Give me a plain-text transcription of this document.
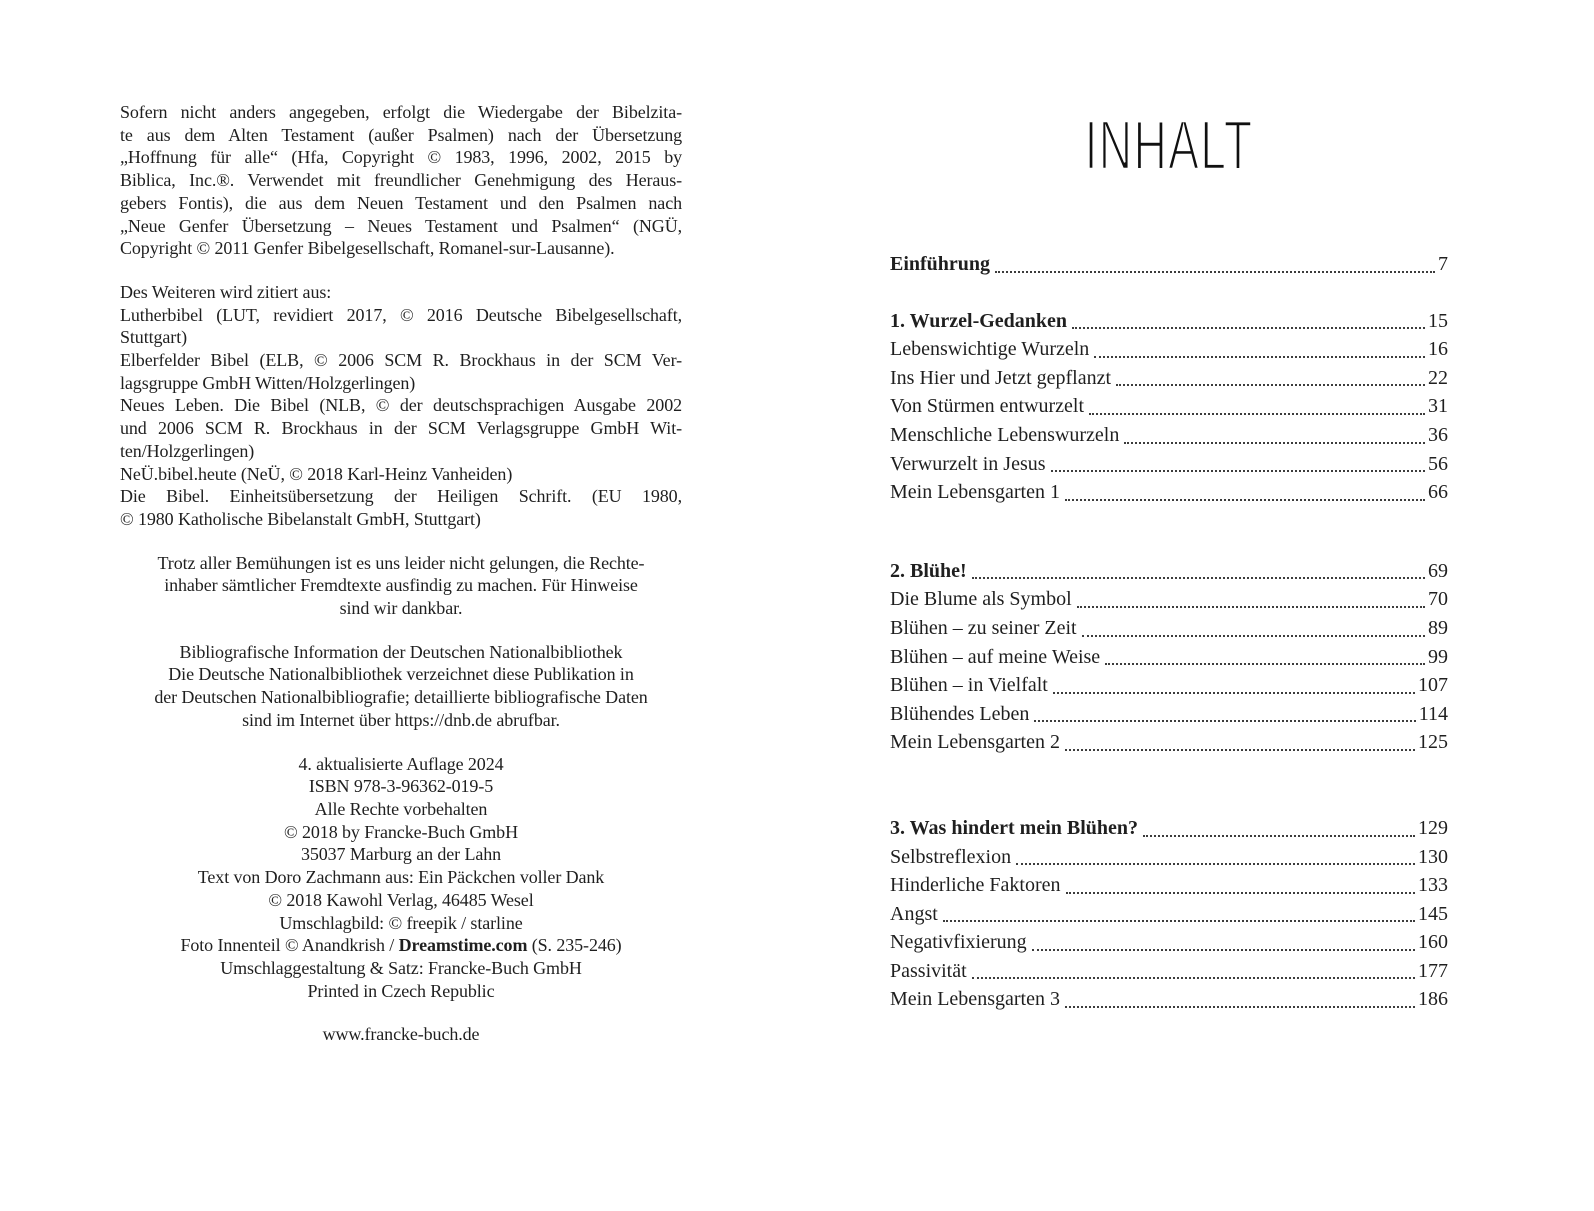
Sofern nicht anders angegeben, erfolgt die Wiedergabe der Bibelzita-
te aus dem Alten Testament (außer Psalmen) nach der Übersetzung
„Hoffnung für alle“ (Hfa, Copyright © 1983, 1996, 2002, 2015 by
Biblica, Inc.®. Verwendet mit freundlicher Genehmigung des Heraus-
gebers Fontis), die aus dem Neuen Testament und den Psalmen nach
„Neue Genfer Übersetzung – Neues Testament und Psalmen“ (NGÜ,
Copyright © 2011 Genfer Bibelgesellschaft, Romanel-sur-Lausanne).
Des Weiteren wird zitiert aus:
Lutherbibel (LUT, revidiert 2017, © 2016 Deutsche Bibelgesellschaft,
Stuttgart)
Elberfelder Bibel (ELB, © 2006 SCM R. Brockhaus in der SCM Ver-
lagsgruppe GmbH Witten/Holzgerlingen)
Neues Leben. Die Bibel (NLB, © der deutschsprachigen Ausgabe 2002
und 2006 SCM R. Brockhaus in der SCM Verlagsgruppe GmbH Wit-
ten/Holzgerlingen)
NeÜ.bibel.heute (NeÜ, © 2018 Karl-Heinz Vanheiden)
Die Bibel. Einheitsübersetzung der Heiligen Schrift. (EU 1980,
© 1980 Katholische Bibelanstalt GmbH, Stuttgart)
Trotz aller Bemühungen ist es uns leider nicht gelungen, die Rechte-
inhaber sämtlicher Fremdtexte ausfindig zu machen. Für Hinweise
sind wir dankbar.
Bibliografische Information der Deutschen Nationalbibliothek
Die Deutsche Nationalbibliothek verzeichnet diese Publikation in
der Deutschen Nationalbibliografie; detaillierte bibliografische Daten
sind im Internet über https://dnb.de abrufbar.
4. aktualisierte Auflage 2024
ISBN 978-3-96362-019-5
Alle Rechte vorbehalten
© 2018 by Francke-Buch GmbH
35037 Marburg an der Lahn
Text von Doro Zachmann aus: Ein Päckchen voller Dank
© 2018 Kawohl Verlag, 46485 Wesel
Umschlagbild: © freepik / starline
Foto Innenteil © Anandkrish / Dreamstime.com (S. 235-246)
Umschlaggestaltung & Satz: Francke-Buch GmbH
Printed in Czech Republic
www.francke-buch.de
INHALT
Einführung	7
1. Wurzel-Gedanken	15
Lebenswichtige Wurzeln	16
Ins Hier und Jetzt gepflanzt	22
Von Stürmen entwurzelt	31
Menschliche Lebenswurzeln	36
Verwurzelt in Jesus	56
Mein Lebensgarten 1	66
2. Blühe!	69
Die Blume als Symbol	70
Blühen – zu seiner Zeit	89
Blühen – auf meine Weise	99
Blühen – in Vielfalt	107
Blühendes Leben	114
Mein Lebensgarten 2	125
3. Was hindert mein Blühen?	129
Selbstreflexion	130
Hinderliche Faktoren	133
Angst	145
Negativfixierung	160
Passivität	177
Mein Lebensgarten 3	186
